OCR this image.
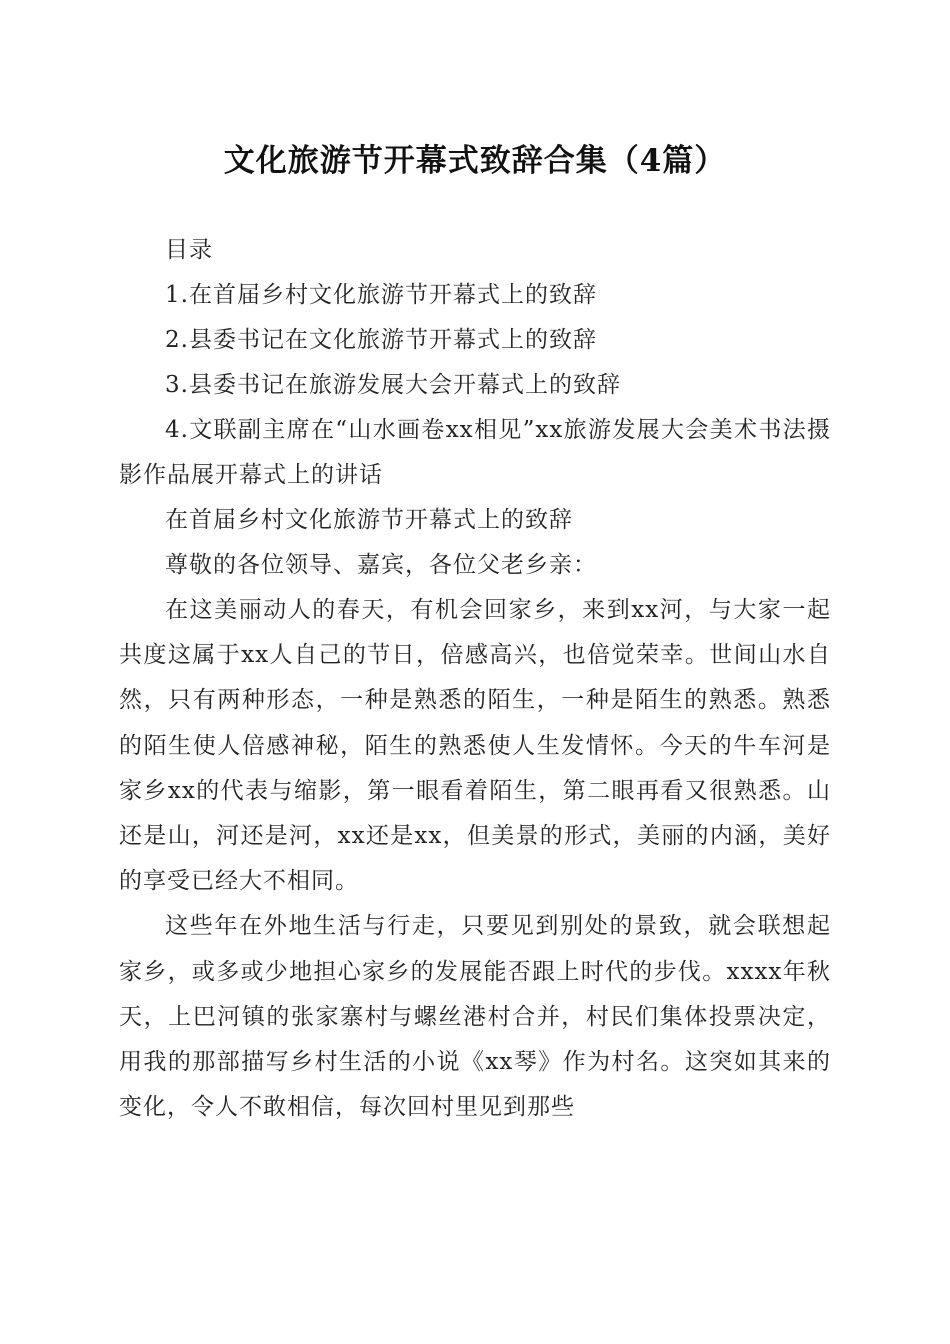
文化旅游节开幕式致辞合集（4篇）

目录

1.在首届乡村文化旅游节开幕式上的致辞

2.县委书记在文化旅游节开幕式上的致辞

3.县委书记在旅游发展大会开幕式上的致辞

4.文联副主席在“山水画卷xx相见”xx旅游发展大会美术书法摄影作品展开幕式上的讲话

在首届乡村文化旅游节开幕式上的致辞

尊敬的各位领导、嘉宾，各位父老乡亲：

在这美丽动人的春天，有机会回家乡，来到xx河，与大家一起共度这属于xx人自己的节日，倍感高兴，也倍觉荣幸。世间山水自然，只有两种形态，一种是熟悉的陌生，一种是陌生的熟悉。熟悉的陌生使人倍感神秘，陌生的熟悉使人生发情怀。今天的牛车河是家乡xx的代表与缩影，第一眼看着陌生，第二眼再看又很熟悉。山还是山，河还是河，xx还是xx，但美景的形式，美丽的内涵，美好的享受已经大不相同。

这些年在外地生活与行走，只要见到别处的景致，就会联想起家乡，或多或少地担心家乡的发展能否跟上时代的步伐。xxxx年秋天，上巴河镇的张家寨村与螺丝港村合并，村民们集体投票决定，用我的那部描写乡村生活的小说《xx琴》作为村名。这突如其来的变化，令人不敢相信，每次回村里见到那些
